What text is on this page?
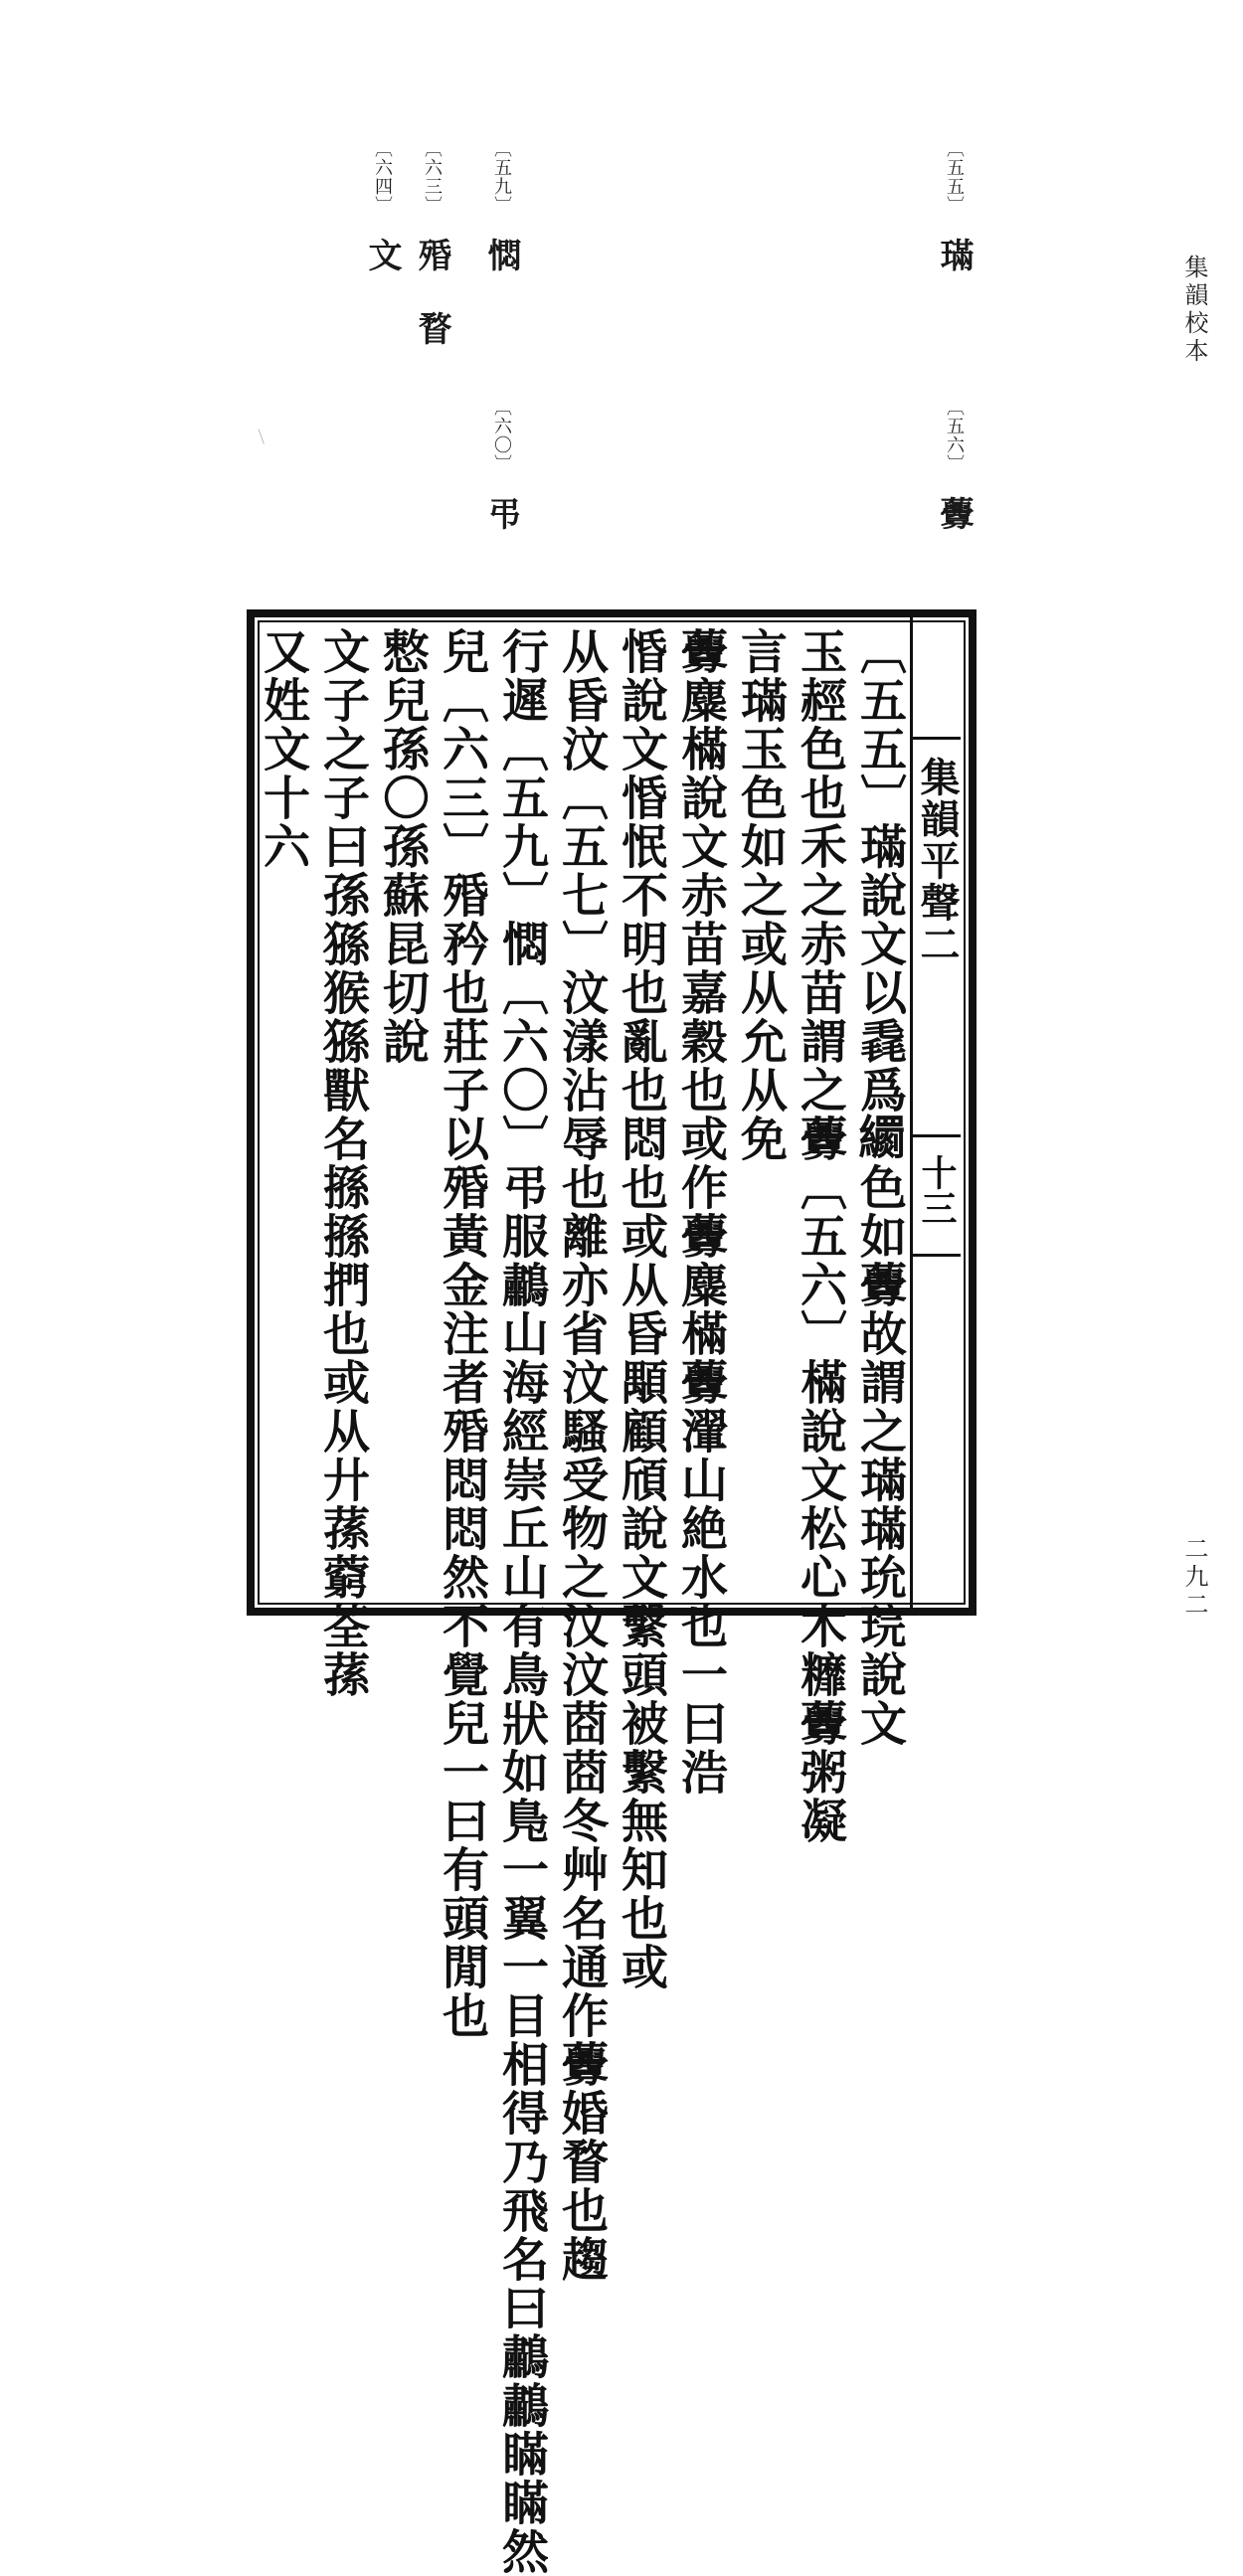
集韻校本
〔五五〕 璊
〔五六〕 虋
〔五九〕 㦖
〔六〇〕 弔
〔六三〕 殙 瞀
〔六四〕 文
集韻平聲二
十三
〔五五〕璊說文以毳爲𦇧色如虋故謂之璊璊玧琓說文
玉䞓色也禾之赤苗謂之虋〔五六〕樠說文松心木䊳虋粥凝
言璊玉色如之或从允从免
虋麋樠說文赤苗嘉穀也或作虋麋樠虋瀈山絶水也一曰浩
惛說文惛怋不明也亂也悶也或从昏顒顧頎說文繫頭被繫無知也或
从昏汶〔五七〕汶漾沾辱也離亦省汶騷受物之汶汶莔莔冬艸名通作虋婚瞀也趨
行遲〔五九〕㦖〔六〇〕弔服鷫山海經崇丘山有鳥狀如鳬一翼一目相得乃飛名曰鷫鷫瞞瞞然
兒〔六三〕殙矜也莊子以殙黃金注者殙悶悶然不覺兒一曰有頭閒也
慗兒孫〇孫蘇昆切說
文子之子曰孫猻猴猻獸名搎搎捫也或从廾蓀藭荃蓀
又姓文十六
二九二
